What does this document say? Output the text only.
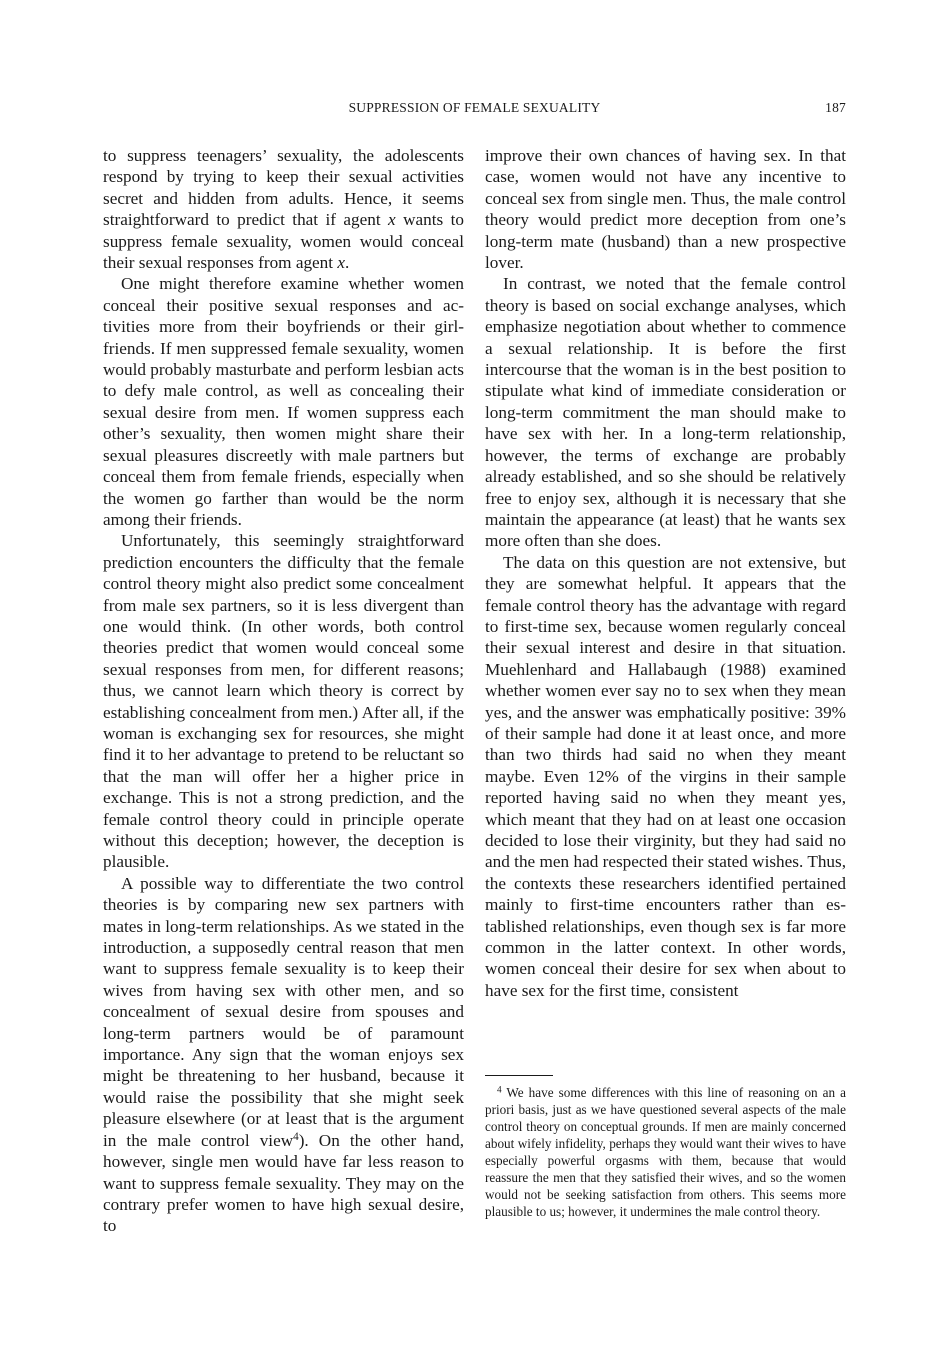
SUPPRESSION OF FEMALE SEXUALITY	187

to suppress teenagers’ sexuality, the adolescents respond by trying to keep their sexual activities secret and hidden from adults. Hence, it seems straightforward to predict that if agent x wants to suppress female sexuality, women would conceal their sexual responses from agent x.

One might therefore examine whether women conceal their positive sexual responses and activities more from their boyfriends or their girlfriends. If men suppressed female sexuality, women would probably masturbate and perform lesbian acts to defy male control, as well as concealing their sexual desire from men. If women suppress each other’s sexuality, then women might share their sexual pleasures discreetly with male partners but conceal them from female friends, especially when the women go farther than would be the norm among their friends.

Unfortunately, this seemingly straightforward prediction encounters the difficulty that the female control theory might also predict some concealment from male sex partners, so it is less divergent than one would think. (In other words, both control theories predict that women would conceal some sexual responses from men, for different reasons; thus, we cannot learn which theory is correct by establishing concealment from men.) After all, if the woman is exchanging sex for resources, she might find it to her advantage to pretend to be reluctant so that the man will offer her a higher price in exchange. This is not a strong prediction, and the female control theory could in principle operate without this deception; however, the deception is plausible.

A possible way to differentiate the two control theories is by comparing new sex partners with mates in long-term relationships. As we stated in the introduction, a supposedly central reason that men want to suppress female sexuality is to keep their wives from having sex with other men, and so concealment of sexual desire from spouses and long-term partners would be of paramount importance. Any sign that the woman enjoys sex might be threatening to her husband, because it would raise the possibility that she might seek pleasure elsewhere (or at least that is the argument in the male control view$^4$). On the other hand, however, single men would have far less reason to want to suppress female sexuality. They may on the contrary prefer women to have high sexual desire, to

improve their own chances of having sex. In that case, women would not have any incentive to conceal sex from single men. Thus, the male control theory would predict more deception from one’s long-term mate (husband) than a new prospective lover.

In contrast, we noted that the female control theory is based on social exchange analyses, which emphasize negotiation about whether to commence a sexual relationship. It is before the first intercourse that the woman is in the best position to stipulate what kind of immediate consideration or long-term commitment the man should make to have sex with her. In a long-term relationship, however, the terms of exchange are probably already established, and so she should be relatively free to enjoy sex, although it is necessary that she maintain the appearance (at least) that he wants sex more often than she does.

The data on this question are not extensive, but they are somewhat helpful. It appears that the female control theory has the advantage with regard to first-time sex, because women regularly conceal their sexual interest and desire in that situation. Muehlenhard and Hallabaugh (1988) examined whether women ever say no to sex when they mean yes, and the answer was emphatically positive: 39% of their sample had done it at least once, and more than two thirds had said no when they meant maybe. Even 12% of the virgins in their sample reported having said no when they meant yes, which meant that they had on at least one occasion decided to lose their virginity, but they had said no and the men had respected their stated wishes. Thus, the contexts these researchers identified pertained mainly to first-time encounters rather than established relationships, even though sex is far more common in the latter context. In other words, women conceal their desire for sex when about to have sex for the first time, consistent

$^4$ We have some differences with this line of reasoning on an a priori basis, just as we have questioned several aspects of the male control theory on conceptual grounds. If men are mainly concerned about wifely infidelity, perhaps they would want their wives to have especially powerful orgasms with them, because that would reassure the men that they satisfied their wives, and so the women would not be seeking satisfaction from others. This seems more plausible to us; however, it undermines the male control theory.
